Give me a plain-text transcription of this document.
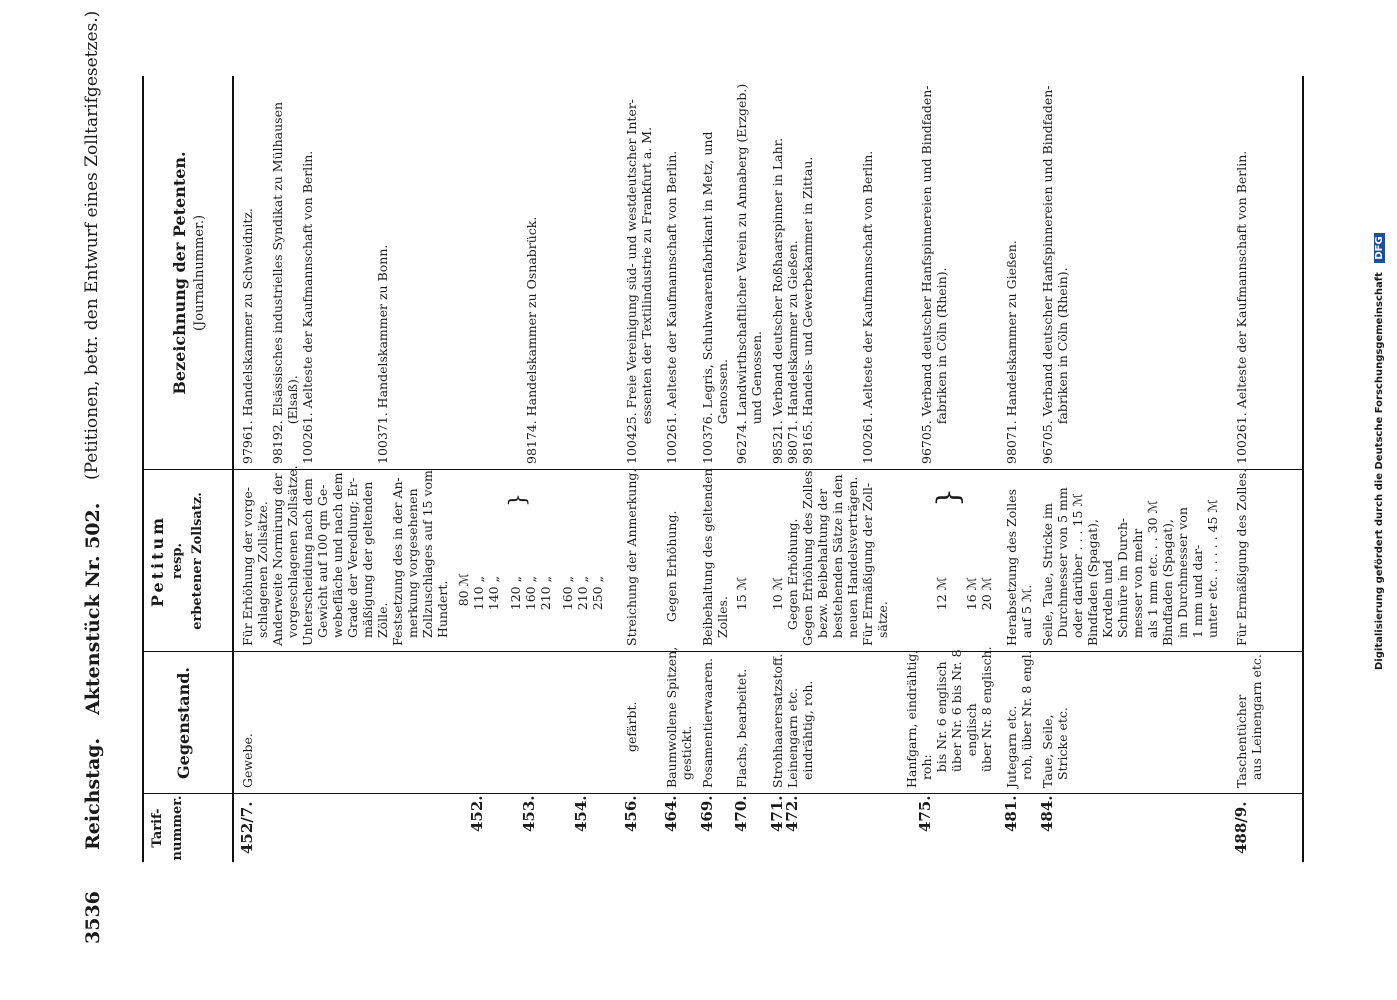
3536
Reichstag.
Aktenstück Nr. 502.
(Petitionen, betr. den Entwurf eines Zolltarifgesetzes.)
Tarif-
nummer.
Gegenstand.
Petitum resp.
erbetener Zollsatz.
Bezeichnung der Petenten. (Journalnummer.)
452/7.
Gewebe.
Für Erhöhung der vorge-
schlagenen Zollsätze.
Anderweite Normirung der
vorgeschlagenen Zollsätze.
Unterscheidung nach dem
Gewicht auf 100 qm Ge-
webefläche und nach dem
Grade der Veredlung; Er-
mäßigung der geltenden
Zölle.
Festsetzung des in der An-
merkung vorgesehenen
Zollzuschlages auf 15 vom
Hundert.
97961. Handelskammer zu Schweidnitz.

98192. Elsässisches industrielles Syndikat zu Mülhausen
(Elsaß).
100261. Aelteste der Kaufmannschaft von Berlin.

100371. Handelskammer zu Bonn.
452.
80 ℳ
110 „
140 „
453.
120 „
160 „
210 „
98174. Handelskammer zu Osnabrück.
}
454.
160 „
210 „
250 „
456.
gefärbt.
Streichung der Anmerkung.
100425. Freie Vereinigung süd- und westdeutscher Inter-
essenten der Textilindustrie zu Frankfurt a. M.
464.
Baumwollene Spitzen,
gestickt.
Gegen Erhöhung.
100261. Aelteste der Kaufmannschaft von Berlin.
469.
Posamentierwaaren.
Beibehaltung des geltenden
Zolles.
100376. Legris, Schuhwaarenfabrikant in Metz, und
Genossen.
470.
Flachs, bearbeitet.
15 ℳ
96274. Landwirthschaftlicher Verein zu Annaberg (Erzgeb.)
und Genossen.
471.
472.
Strohhaarersatzstoff.
Leinengarn etc.
eindrähtig, roh.
10 ℳ
Gegen Erhöhung.
Gegen Erhöhung des Zolles
bezw. Beibehaltung der
bestehenden Sätze in den
neuen Handelsverträgen.
Für Ermäßigung der Zoll-
sätze.
98521. Verband deutscher Roßhaarspinner in Lahr.
98071. Handelskammer zu Gießen.
98165. Handels- und Gewerbekammer in Zittau.

100261. Aelteste der Kaufmannschaft von Berlin.
475.
Hanfgarn, eindrähtig,
roh:
bis Nr. 6 englisch
über Nr. 6 bis Nr. 8
englisch
über Nr. 8 englisch.

12 ℳ

16 ℳ
20 ℳ

96705. Verband deutscher Hanfspinnereien und Bindfaden-
fabriken in Cöln (Rhein).
}
481.
Jutegarn etc.
roh, über Nr. 8 engl.
Herabsetzung des Zolles
auf 5 ℳ.
98071. Handelskammer zu Gießen.
484.
Taue, Seile,
Stricke etc.
Seile, Taue, Stricke im
Durchmesser von 5 mm
oder darüber . . . 15 ℳ
Bindfaden (Spagat),
Kordeln und
Schnüre im Durch-
messer von mehr
als 1 mm etc. . . 30 ℳ
Bindfaden (Spagat),
im Durchmesser von
1 mm und dar-
unter etc. . . . . . 45 ℳ
96705. Verband deutscher Hanfspinnereien und Bindfaden-
fabriken in Cöln (Rhein).
488/9.
Taschentücher
aus Leinengarn etc.
Für Ermäßigung des Zolles.
100261. Aelteste der Kaufmannschaft von Berlin.	Digitalisierung gefördert durch die Deutsche Forschungsgemeinschaft DFG
